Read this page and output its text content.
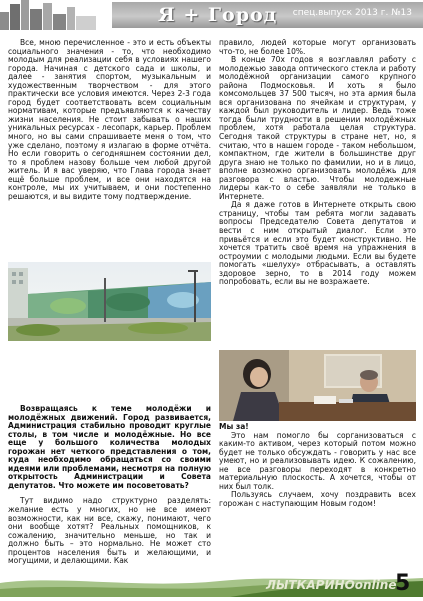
Я + Город спец.выпуск 2013 г. №13

Все, мною перечисленное - это и есть объекты социального значения - то, что необходимо молодым для реализации себя в условиях нашего города. Начиная с детского сада и школы, и далее - занятия спортом, музыкальным и художественным творчеством - для этого практически все условия имеются. Через 2-3 года город будет соответствовать всем социальным нормативам, которые предъявляются к качеству жизни населения. Не стоит забывать о наших уникальных ресурсах - лесопарк, карьер. Проблем много, но вы сами спрашиваете меня о том, что уже сделано, поэтому я излагаю в форме отчёта. Но если говорить о сегодняшнем состоянии дел, то я проблем назову больше чем любой другой житель. И я вас уверяю, что Глава города знает ещё больше проблем, и все они находятся на контроле, мы их учитываем, и они постепенно решаются, и вы видите тому подтверждение.

Возвращаясь к теме молодёжи и молодёжных движений. Город развивается, Администрация стабильно проводит круглые столы, в том числе и молодёжные. Но все еще у большого количества молодых горожан нет четкого представления о том, куда необходимо обращаться со своими идеями или проблемами, несмотря на полную открытость Администрации и Совета депутатов. Что можете им посоветовать?

Тут видимо надо структурно разделять: желание есть у многих, но не все имеют возможности, как ни все, скажу, понимают, чего они вообще хотят? Реальных помощников, к сожалению, значительно меньше, но так и должно быть – это нормально. Не может сто процентов населения быть и желающими, и могущими, и делающими. Как

правило, людей которые могут организовать что-то, не более 10%.

В конце 70х годов я возглавлял работу с молодежью завода оптического стекла и работу молодёжной организации самого крупного района Подмосковья. И хоть я было комсомольцев 37 500 тысяч, но эта армия была вся организована по ячейкам и структурам, у каждой был руководитель и лидер. Ведь тоже тогда были трудности в решении молодёжных проблем, хотя работала целая структура. Сегодня такой структуры в стране нет, но, я считаю, что в нашем городе - таком небольшом, компактном, где жители в большинстве друг друга знаю не только по фамилии, но и в лицо, вполне возможно организовать молодёжь для разговора с властью. Чтобы молодежные лидеры как-то о себе заявляли не только в Интернете.

Да я даже готов в Интернете открыть свою страницу, чтобы там ребята могли задавать вопросы Председателю Совета депутатов и вести с ним открытый диалог. Если это привьётся и если это будет конструктивно. Не хочется тратить своё время на упражнения в остроумии с молодыми людьми. Если вы будете помогать «шелуху» отбрасывать, а оставлять здоровое зерно, то в 2014 году можем попробовать, если вы не возражаете.

Мы за!

Это нам помогло бы сорганизоваться с каким-то активом, через который потом можно будет не только обсуждать - говорить у нас все умеют, но и реализовывать идею. К сожалению, не все разговоры переходят в конкретно материальную плоскость. А хочется, чтобы от них был толк.

Пользуясь случаем, хочу поздравить всех горожан с наступающим Новым годом!

ЛЫТКАРИНОonline
5
